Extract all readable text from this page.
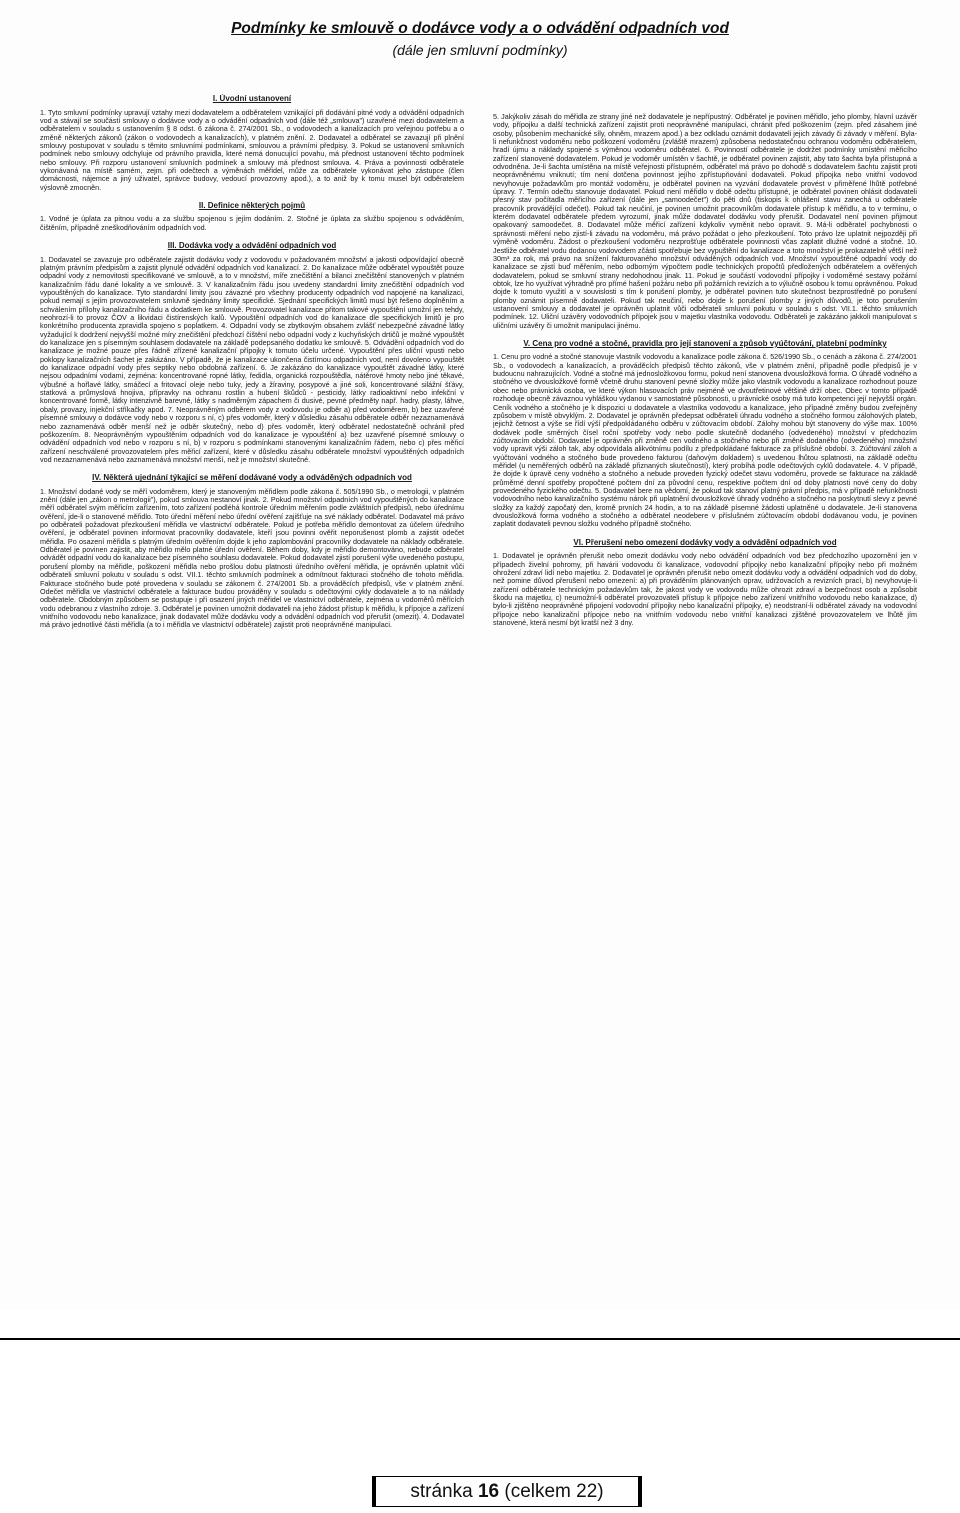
Podmínky ke smlouvě o dodávce vody a o odvádění odpadních vod
(dále jen smluvní podmínky)

I. Úvodní ustanovení

1. Tyto smluvní podmínky upravují vztahy mezi dodavatelem a odběratelem vznikající při dodávání pitné vody a odvádění odpadních vod a stávají se součástí smlouvy o dodávce vody a o odvádění odpadních vod (dále též „smlouva") uzavřené mezi dodavatelem a odběratelem v souladu s ustanovením § 8 odst. 6 zákona č. 274/2001 Sb., o vodovodech a kanalizacích pro veřejnou potřebu a o změně některých zákonů (zákon o vodovodech a kanalizacích), v platném znění. 2. Dodavatel a odběratel se zavazují při plnění smlouvy postupovat v souladu s těmito smluvními podmínkami, smlouvou a právními předpisy. 3. Pokud se ustanovení smluvních podmínek nebo smlouvy odchyluje od právního pravidla, které nemá donucující povahu, má přednost ustanovení těchto podmínek nebo smlouvy. Při rozporu ustanovení smluvních podmínek a smlouvy má přednost smlouva. 4. Práva a povinnosti odběratele vykonávaná na místě samém, zejm. při odečtech a výměnách měřidel, může za odběratele vykonávat jeho zástupce (člen domácnosti, nájemce a jiný uživatel, správce budovy, vedoucí provozovny apod.), a to aniž by k tomu musel být odběratelem výslovně zmocněn.

II. Definice některých pojmů

1. Vodné je úplata za pitnou vodu a za službu spojenou s jejím dodáním. 2. Stočné je úplata za službu spojenou s odváděním, čištěním, případně zneškodňováním odpadních vod.

III. Dodávka vody a odvádění odpadních vod

1. Dodavatel se zavazuje pro odběratele zajistit dodávku vody z vodovodu v požadovaném množství a jakosti odpovídající obecně platným právním předpisům a zajistit plynulé odvádění odpadních vod kanalizací. 2. Do kanalizace může odběratel vypouštět pouze odpadní vody z nemovitosti specifikované ve smlouvě, a to v množství, míře znečištění a bilanci znečištění stanovených v platném kanalizačním řádu dané lokality a ve smlouvě. 3. V kanalizačním řádu jsou uvedeny standardní limity znečištění odpadních vod vypouštěných do kanalizace. Tyto standardní limity jsou závazné pro všechny producenty odpadních vod napojené na kanalizaci, pokud nemají s jejím provozovatelem smluvně sjednány limity specifické. Sjednání specifických limitů musí být řešeno doplněním a schválením přílohy kanalizačního řádu a dodatkem ke smlouvě. Provozovatel kanalizace přitom takové vypouštění umožní jen tehdy, neohrozí-li to provoz ČOV a likvidaci čistírenských kalů. Vypouštění odpadních vod do kanalizace dle specifických limitů je pro konkrétního producenta zpravidla spojeno s poplatkem. 4. Odpadní vody se zbytkovým obsahem zvlášť nebezpečné závadné látky vyžadující k dodržení nejvyšší možné míry znečištění předchozí čištění nebo odpadní vody z kuchyňských drtičů je možné vypouštět do kanalizace jen s písemným souhlasem dodavatele na základě podepsaného dodatku ke smlouvě. 5. Odvádění odpadních vod do kanalizace je možné pouze přes řádně zřízené kanalizační přípojky k tomuto účelu určené. Vypouštění přes uliční vpusti nebo poklopy kanalizačních šachet je zakázáno. V případě, že je kanalizace ukončena čistírnou odpadních vod, není dovoleno vypouštět do kanalizace odpadní vody přes septiky nebo obdobná zařízení. 6. Je zakázáno do kanalizace vypouštět závadné látky, které nejsou odpadními vodami, zejména: koncentrované ropné látky, ředidla, organická rozpouštědla, nátěrové hmoty nebo jiné těkavé, výbušné a hořlavé látky, smáčecí a fritovací oleje nebo tuky, jedy a žíraviny, posypové a jiné soli, koncentrované silážní šťávy, statková a průmyslová hnojiva, přípravky na ochranu rostlin a hubení škůdců - pesticidy, látky radioaktivní nebo infekční v koncentrované formě, látky intenzivně barevné, látky s nadměrným zápachem či dusivé, pevné předměty např. hadry, plasty, láhve, obaly, provazy, injekční stříkačky apod. 7. Neoprávněným odběrem vody z vodovodu je odběr a) před vodoměrem, b) bez uzavřené písemné smlouvy o dodávce vody nebo v rozporu s ní, c) přes vodoměr, který v důsledku zásahu odběratele odběr nezaznamenává nebo zaznamenává odběr menší než je odběr skutečný, nebo d) přes vodoměr, který odběratel nedostatečně ochránil před poškozením. 8. Neoprávněným vypouštěním odpadních vod do kanalizace je vypouštění a) bez uzavřené písemné smlouvy o odvádění odpadních vod nebo v rozporu s ní, b) v rozporu s podmínkami stanovenými kanalizačním řádem, nebo c) přes měřicí zařízení neschválené provozovatelem přes měřicí zařízení, které v důsledku zásahu odběratele množství vypouštěných odpadních vod nezaznamenává nebo zaznamenává množství menší, než je množství skutečné.

IV. Některá ujednání týkající se měření dodávané vody a odváděných odpadních vod

1. Množství dodané vody se měří vodoměrem, který je stanoveným měřidlem podle zákona č. 505/1990 Sb., o metrologii, v platném znění (dále jen „zákon o metrologii"), pokud smlouva nestanoví jinak. 2. Pokud množství odpadních vod vypouštěných do kanalizace měří odběratel svým měřicím zařízením, toto zařízení podléhá kontrole úředním měřením podle zvláštních předpisů, nebo úřednímu ověření, jde-li o stanovené měřidlo. Toto úřední měření nebo úřední ověření zajišťuje na své náklady odběratel. Dodavatel má právo po odběrateli požadovat přezkoušení měřidla ve vlastnictví odběratele. Pokud je potřeba měřidlo demontovat za účelem úředního ověření, je odběratel povinen informovat pracovníky dodavatele, kteří jsou povinni ověřit neporušenost plomb a zajistit odečet měřidla. Po osazení měřidla s platným úředním ověřením dojde k jeho zaplombování pracovníky dodavatele na náklady odběratele. Odběratel je povinen zajistit, aby měřidlo mělo platné úřední ověření. Během doby, kdy je měřidlo demontováno, nebude odběratel odvádět odpadní vodu do kanalizace bez písemného souhlasu dodavatele. Pokud dodavatel zjistí porušení výše uvedeného postupu, porušení plomby na měřidle, poškození měřidla nebo prošlou dobu platnosti úředního ověření měřidla, je oprávněn uplatnit vůči odběrateli smluvní pokutu v souladu s odst. VII.1. těchto smluvních podmínek a odmítnout fakturaci stočného dle tohoto měřidla. Fakturace stočného bude poté provedena v souladu se zákonem č. 274/2001 Sb. a prováděcích předpisů, vše v platném znění. Odečet měřidla ve vlastnictví odběratele a fakturace budou prováděny v souladu s odečtovými cykly dodavatele a to na náklady odběratele. Obdobným způsobem se postupuje i při osazení jiných měřidel ve vlastnictví odběratele, zejména u vodoměrů měřících vodu odebranou z vlastního zdroje. 3. Odběratel je povinen umožnit dodavateli na jeho žádost přístup k měřidlu, k přípojce a zařízení vnitřního vodovodu nebo kanalizace, jinak dodavatel může dodávku vody a odvádění odpadních vod přerušit (omezit). 4. Dodavatel má právo jednotlivé části měřidla (a to i měřidla ve vlastnictví odběratele) zajistit proti neoprávněné manipulaci.

5. Jakýkoliv zásah do měřidla ze strany jiné než dodavatele je nepřípustný. Odběratel je povinen měřidlo, jeho plomby, hlavní uzávěr vody, přípojku a další technická zařízení zajistit proti neoprávněné manipulaci, chránit před poškozením (zejm. před zásahem jiné osoby, působením mechanické síly, ohněm, mrazem apod.) a bez odkladu oznámit dodavateli jejich závady či závady v měření. Byla-li nefunkčnost vodoměru nebo poškození vodoměru (zvláště mrazem) způsobena nedostatečnou ochranou vodoměru odběratelem, hradí újmu a náklady spojené s výměnou vodoměru odběratel. 6. Povinností odběratele je dodržet podmínky umístění měřicího zařízení stanovené dodavatelem. Pokud je vodoměr umístěn v šachtě, je odběratel povinen zajistit, aby tato šachta byla přístupná a odvodněna. Je-li šachta umístěna na místě veřejnosti přístupném, odběratel má právo po dohodě s dodavatelem šachtu zajistit proti neoprávněnému vniknutí; tím není dotčena povinnost jejího zpřístupňování dodavateli. Pokud přípojka nebo vnitřní vodovod nevyhovuje požadavkům pro montáž vodoměru, je odběratel povinen na vyzvání dodavatele provést v přiměřené lhůtě potřebné úpravy. 7. Termín odečtu stanovuje dodavatel. Pokud není měřidlo v době odečtu přístupné, je odběratel povinen ohlásit dodavateli přesný stav počítadla měřicího zařízení (dále jen „samoodečet") do pěti dnů (tiskopis k ohlášení stavu zanechá u odběratele pracovník provádějící odečet). Pokud tak neučiní, je povinen umožnit pracovníkům dodavatele přístup k měřidlu, a to v termínu, o kterém dodavatel odběratele předem vyrozumí, jinak může dodavatel dodávku vody přerušit. Dodavatel není povinen přijmout opakovaný samoodečet. 8. Dodavatel může měřicí zařízení kdykoliv vyměnit nebo opravit. 9. Má-li odběratel pochybnosti o správnosti měření nebo zjistí-li závadu na vodoměru, má právo požádat o jeho přezkoušení. Toto právo lze uplatnit nejpozději při výměně vodoměru. Žádost o přezkoušení vodoměru nezprošťuje odběratele povinnosti včas zaplatit dlužné vodné a stočné. 10. Jestliže odběratel vodu dodanou vodovodem zčásti spotřebuje bez vypuštění do kanalizace a toto množství je prokazatelně větší než 30m³ za rok, má právo na snížení fakturovaného množství odváděných odpadních vod. Množství vypouštěné odpadní vody do kanalizace se zjistí buď měřením, nebo odborným výpočtem podle technických propočtů předložených odběratelem a ověřených dodavatelem, pokud se smluvní strany nedohodnou jinak. 11. Pokud je součástí vodovodní přípojky i vodoměrné sestavy požární obtok, lze ho využívat výhradně pro přímé hašení požáru nebo při požárních revizích a to výlučně osobou k tomu oprávněnou. Pokud dojde k tomuto využití a v souvislosti s tím k porušení plomby, je odběratel povinen tuto skutečnost bezprostředně po porušení plomby oznámit písemně dodavateli. Pokud tak neučiní, nebo dojde k porušení plomby z jiných důvodů, je toto porušením ustanovení smlouvy a dodavatel je oprávněn uplatnit vůči odběrateli smluvní pokutu v souladu s odst. VII.1. těchto smluvních podmínek. 12. Uliční uzávěry vodovodních přípojek jsou v majetku vlastníka vodovodu. Odběrateli je zakázáno jakkoli manipulovat s uličními uzávěry či umožnit manipulaci jinému.

V. Cena pro vodné a stočné, pravidla pro její stanovení a způsob vyúčtování, platební podmínky

1. Cenu pro vodné a stočné stanovuje vlastník vodovodu a kanalizace podle zákona č. 526/1990 Sb., o cenách a zákona č. 274/2001 Sb., o vodovodech a kanalizacích, a prováděcích předpisů těchto zákonů, vše v platném znění, případně podle předpisů je v budoucnu nahrazujících. Vodné a stočné má jednosložkovou formu, pokud není stanovena dvousložková forma. O úhradě vodného a stočného ve dvousložkové formě včetně druhu stanovení pevné složky může jako vlastník vodovodu a kanalizace rozhodnout pouze obec nebo právnická osoba, ve které výkon hlasovacích práv nejméně ve dvoutřetinové většině drží obec. Obec v tomto případě rozhoduje obecně závaznou vyhláškou vydanou v samostatné působnosti, u právnické osoby má tuto kompetenci její nejvyšší orgán. Ceník vodného a stočného je k dispozici u dodavatele a vlastníka vodovodu a kanalizace, jeho případné změny budou zveřejněny způsobem v místě obvyklým. 2. Dodavatel je oprávněn předepsat odběrateli úhradu vodného a stočného formou zálohových plateb, jejichž četnost a výše se řídí výší předpokládaného odběru v zúčtovacím období. Zálohy mohou být stanoveny do výše max. 100% dodávek podle směrných čísel roční spotřeby vody nebo podle skutečně dodaného (odvedeného) množství v předchozím zúčtovacím období. Dodavatel je oprávněn při změně cen vodného a stočného nebo při změně dodaného (odvedeného) množství vody upravit výši záloh tak, aby odpovídala alikvótnímu podílu z předpokládané fakturace za příslušné období. 3. Zúčtování záloh a vyúčtování vodného a stočného bude provedeno fakturou (daňovým dokladem) s uvedenou lhůtou splatnosti, na základě odečtu měřidel (u neměřených odběrů na základě přiznaných skutečností), který probíhá podle odečtových cyklů dodavatele. 4. V případě, že dojde k úpravě ceny vodného a stočného a nebude proveden fyzický odečet stavu vodoměru, provede se fakturace na základě průměrné denní spotřeby propočtené počtem dní za původní cenu, respektive počtem dní od doby platnosti nové ceny do doby provedeného fyzického odečtu. 5. Dodavatel bere na vědomí, že pokud tak stanoví platný právní předpis, má v případě nefunkčnosti vodovodního nebo kanalizačního systému nárok při uplatnění dvousložkové úhrady vodného a stočného na poskytnutí slevy z pevné složky za každý započatý den, kromě prvních 24 hodin, a to na základě písemné žádosti uplatněné u dodavatele. Je-li stanovena dvousložková forma vodného a stočného a odběratel neodebere v příslušném zúčtovacím období dodávanou vodu, je povinen zaplatit dodavateli pevnou složku vodného případně stočného.

VI. Přerušení nebo omezení dodávky vody a odvádění odpadních vod

1. Dodavatel je oprávněn přerušit nebo omezit dodávku vody nebo odvádění odpadních vod bez předchozího upozornění jen v případech živelní pohromy, při havárii vodovodu či kanalizace, vodovodní přípojky nebo kanalizační přípojky nebo při možném ohrožení zdraví lidí nebo majetku. 2. Dodavatel je oprávněn přerušit nebo omezit dodávku vody a odvádění odpadních vod do doby, než pomine důvod přerušení nebo omezení: a) při prováděním plánovaných oprav, udržovacích a revizních prací, b) nevyhovuje-li zařízení odběratele technickým požadavkům tak, že jakost vody ve vodovodu může ohrozit zdraví a bezpečnost osob a způsobit škodu na majetku, c) neumožní-li odběratel provozovateli přístup k přípojce nebo zařízení vnitřního vodovodu nebo kanalizace, d) bylo-li zjištěno neoprávněné připojení vodovodní přípojky nebo kanalizační přípojky, e) neodstraní-li odběratel závady na vodovodní přípojce nebo kanalizační přípojce nebo na vnitřním vodovodu nebo vnitřní kanalizaci zjištěné provozovatelem ve lhůtě jím stanovené, která nesmí být kratší než 3 dny.

stránka 16 (celkem 22)
